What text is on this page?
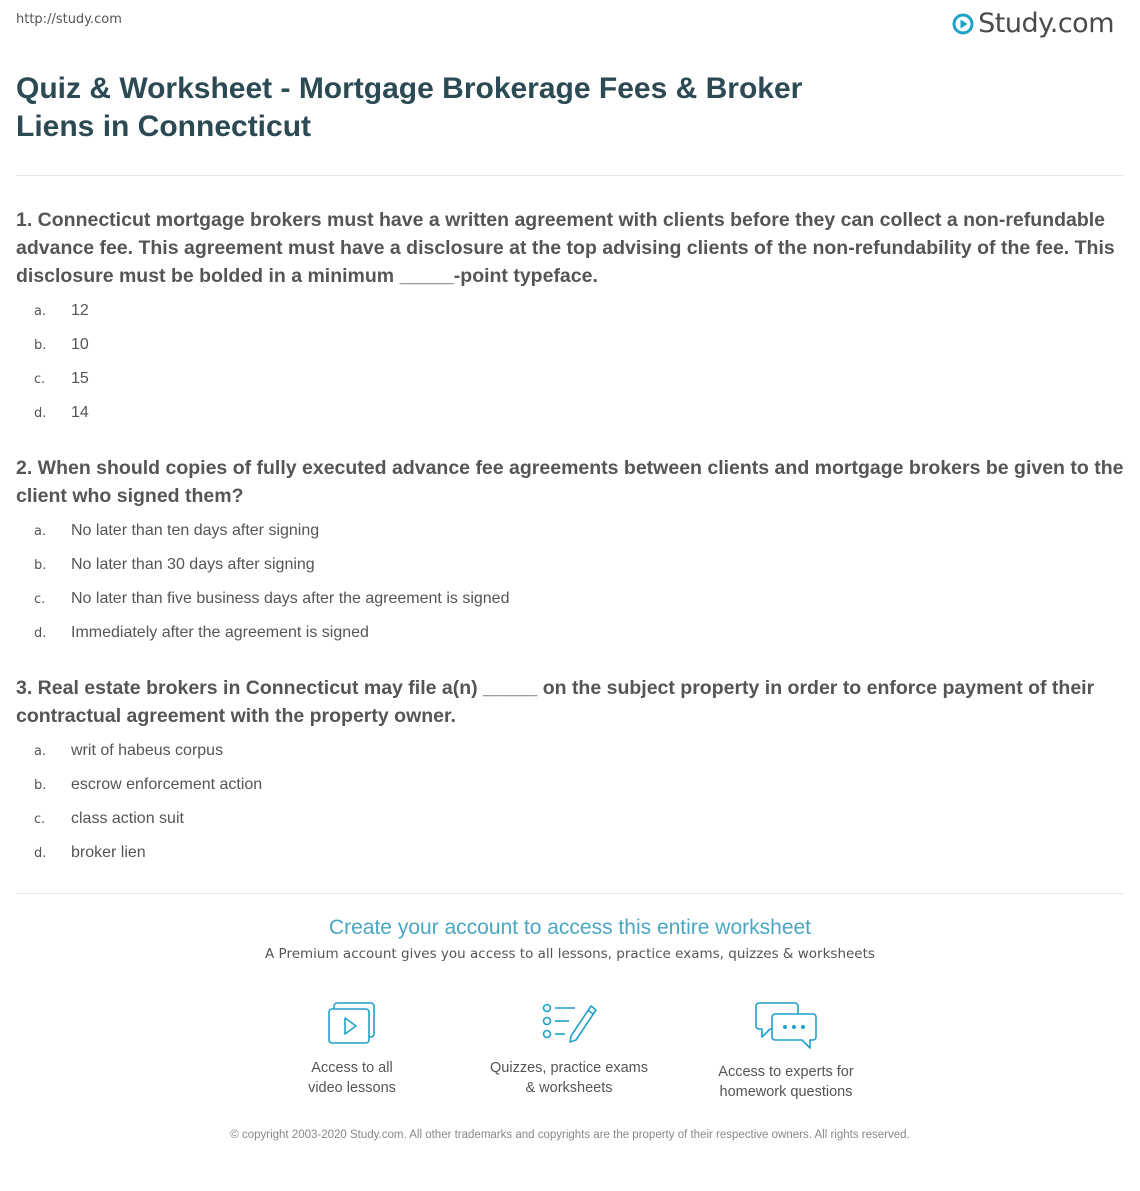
http://study.com	Study.com
Quiz & Worksheet - Mortgage Brokerage Fees & Broker Liens in Connecticut

1. Connecticut mortgage brokers must have a written agreement with clients before they can collect a non-refundable advance fee. This agreement must have a disclosure at the top advising clients of the non-refundability of the fee. This disclosure must be bolded in a minimum _____-point typeface.

a.	12
b.	10
c.	15
d.	14

2. When should copies of fully executed advance fee agreements between clients and mortgage brokers be given to the client who signed them?

a.	No later than ten days after signing
b.	No later than 30 days after signing
c.	No later than five business days after the agreement is signed
d.	Immediately after the agreement is signed

3. Real estate brokers in Connecticut may file a(n) _____ on the subject property in order to enforce payment of their contractual agreement with the property owner.

a.	writ of habeus corpus
b.	escrow enforcement action
c.	class action suit
d.	broker lien
Create your account to access this entire worksheet
A Premium account gives you access to all lessons, practice exams, quizzes & worksheets
Access to all
video lessons
Quizzes, practice exams
& worksheets
Access to experts for
homework questions
© copyright 2003-2020 Study.com. All other trademarks and copyrights are the property of their respective owners. All rights reserved.
